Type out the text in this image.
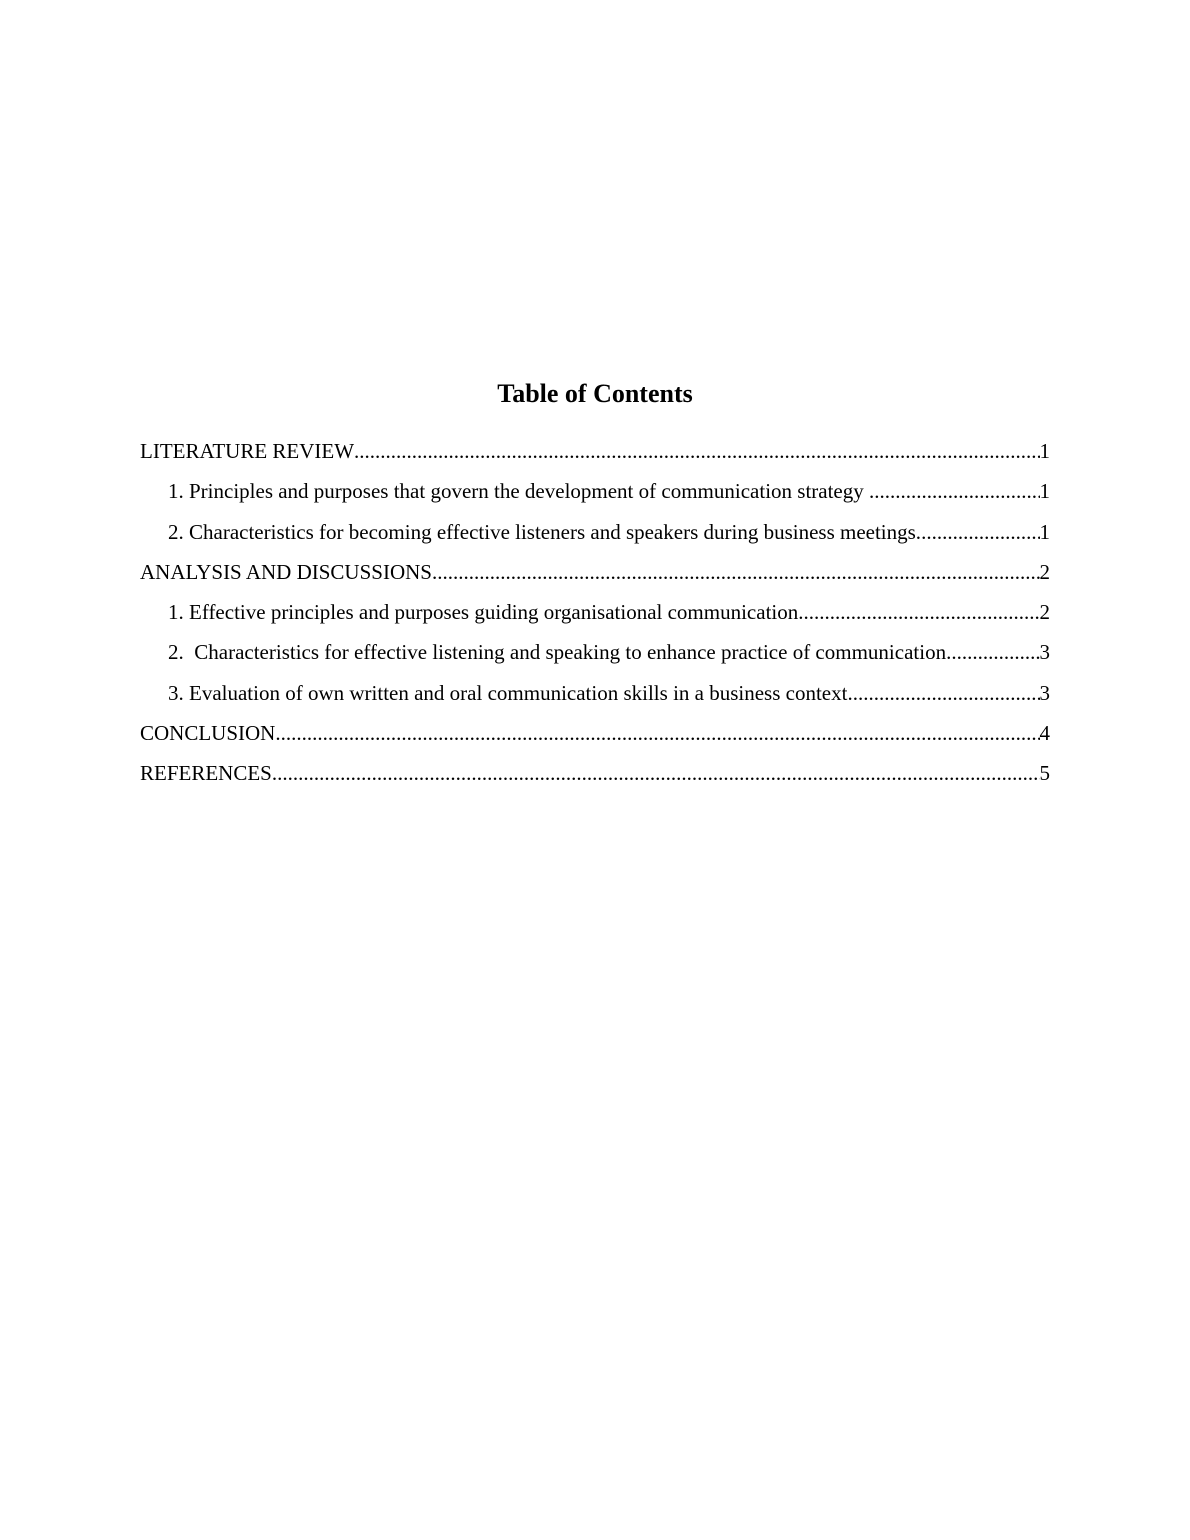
Table of Contents
LITERATURE REVIEW .....	1
1. Principles and purposes that govern the development of communication strategy .....	1
2. Characteristics for becoming effective listeners and speakers during business meetings. .....	1
ANALYSIS AND DISCUSSIONS .....	2
1. Effective principles and purposes guiding organisational communication .....	2
2.  Characteristics for effective listening and speaking to enhance practice of communication .....	3
3. Evaluation of own written and oral communication skills in a business context .....	3
CONCLUSION .....	4
REFERENCES .....	5
